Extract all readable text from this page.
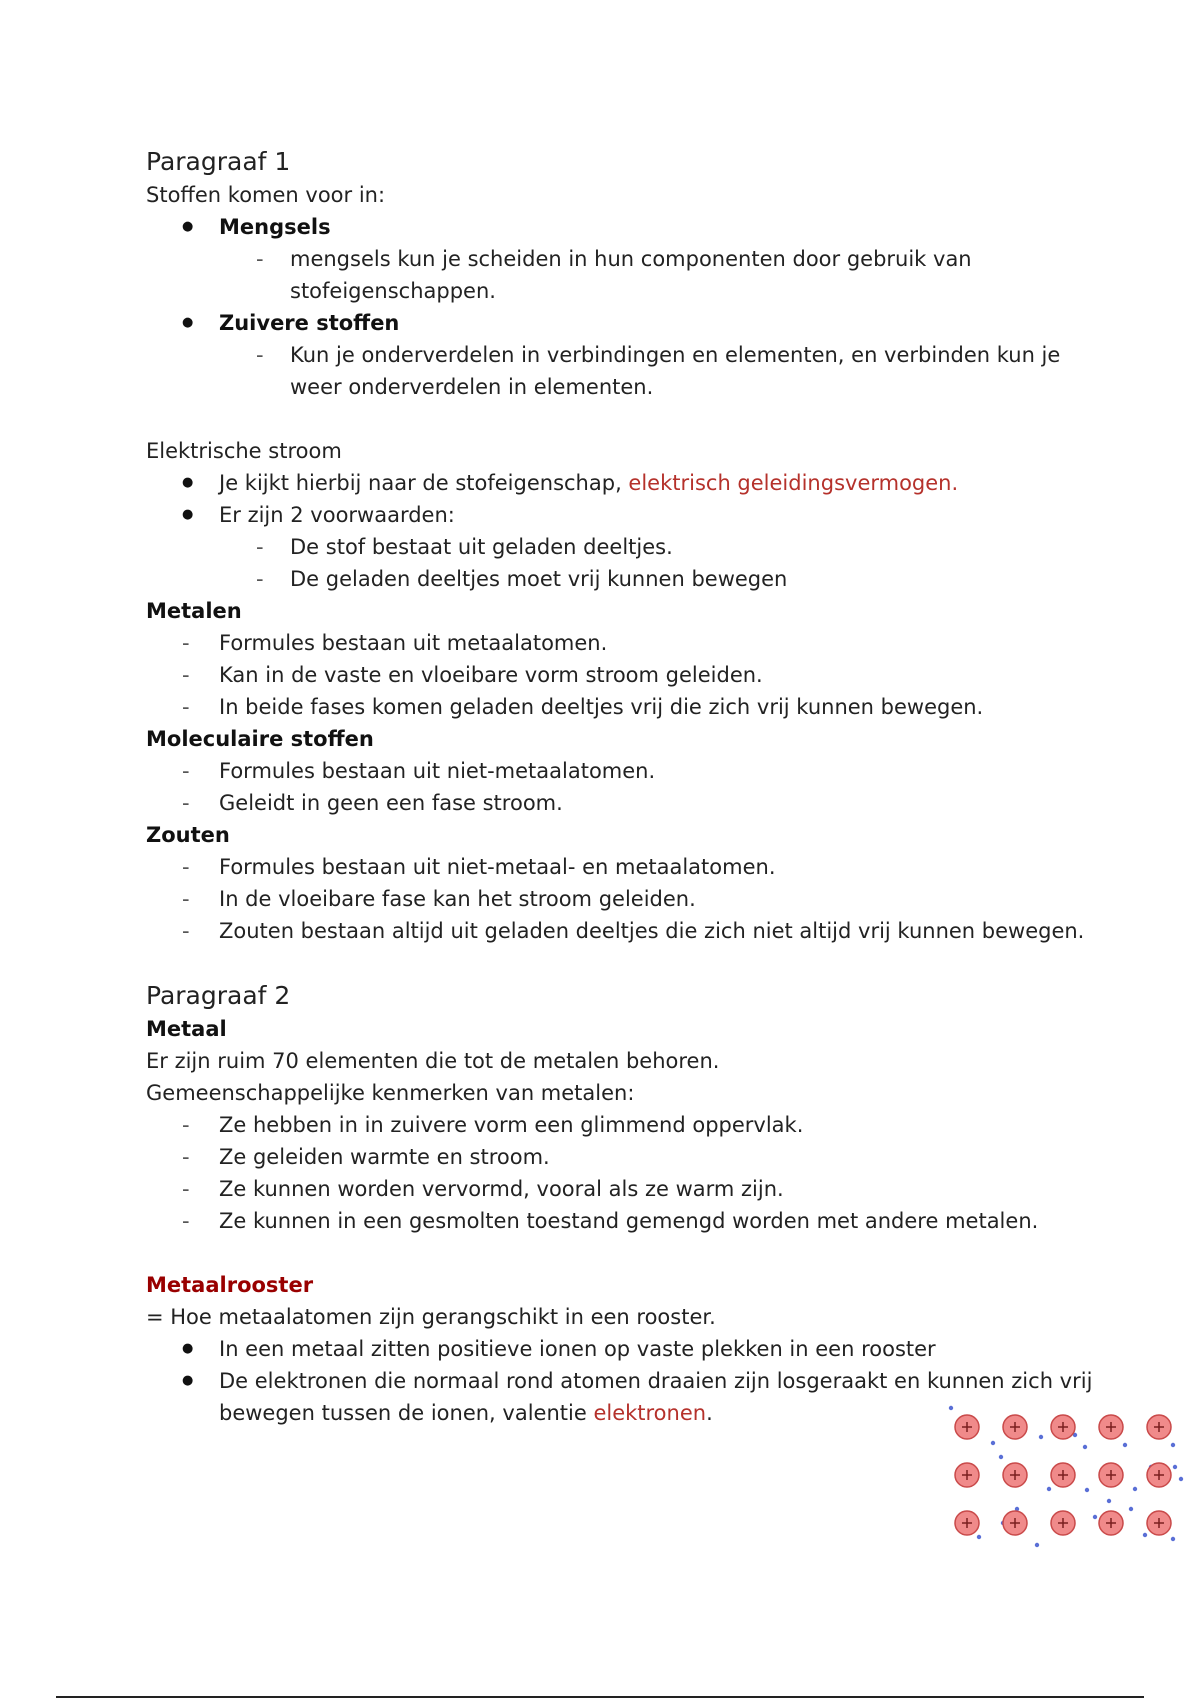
Paragraaf 1
Stoffen komen voor in:
● Mengsels
- mengsels kun je scheiden in hun componenten door gebruik van
stofeigenschappen.
● Zuivere stoffen
- Kun je onderverdelen in verbindingen en elementen, en verbinden kun je
weer onderverdelen in elementen.
Elektrische stroom
● Je kijkt hierbij naar de stofeigenschap, elektrisch geleidingsvermogen.
● Er zijn 2 voorwaarden:
- De stof bestaat uit geladen deeltjes.
- De geladen deeltjes moet vrij kunnen bewegen
Metalen
- Formules bestaan uit metaalatomen.
- Kan in de vaste en vloeibare vorm stroom geleiden.
- In beide fases komen geladen deeltjes vrij die zich vrij kunnen bewegen.
Moleculaire stoffen
- Formules bestaan uit niet-metaalatomen.
- Geleidt in geen een fase stroom.
Zouten
- Formules bestaan uit niet-metaal- en metaalatomen.
- In de vloeibare fase kan het stroom geleiden.
- Zouten bestaan altijd uit geladen deeltjes die zich niet altijd vrij kunnen bewegen.
Paragraaf 2
Metaal
Er zijn ruim 70 elementen die tot de metalen behoren.
Gemeenschappelijke kenmerken van metalen:
- Ze hebben in in zuivere vorm een glimmend oppervlak.
- Ze geleiden warmte en stroom.
- Ze kunnen worden vervormd, vooral als ze warm zijn.
- Ze kunnen in een gesmolten toestand gemengd worden met andere metalen.
Metaalrooster
= Hoe metaalatomen zijn gerangschikt in een rooster.
● In een metaal zitten positieve ionen op vaste plekken in een rooster
● De elektronen die normaal rond atomen draaien zijn losgeraakt en kunnen zich vrij
bewegen tussen de ionen, valentie elektronen.
